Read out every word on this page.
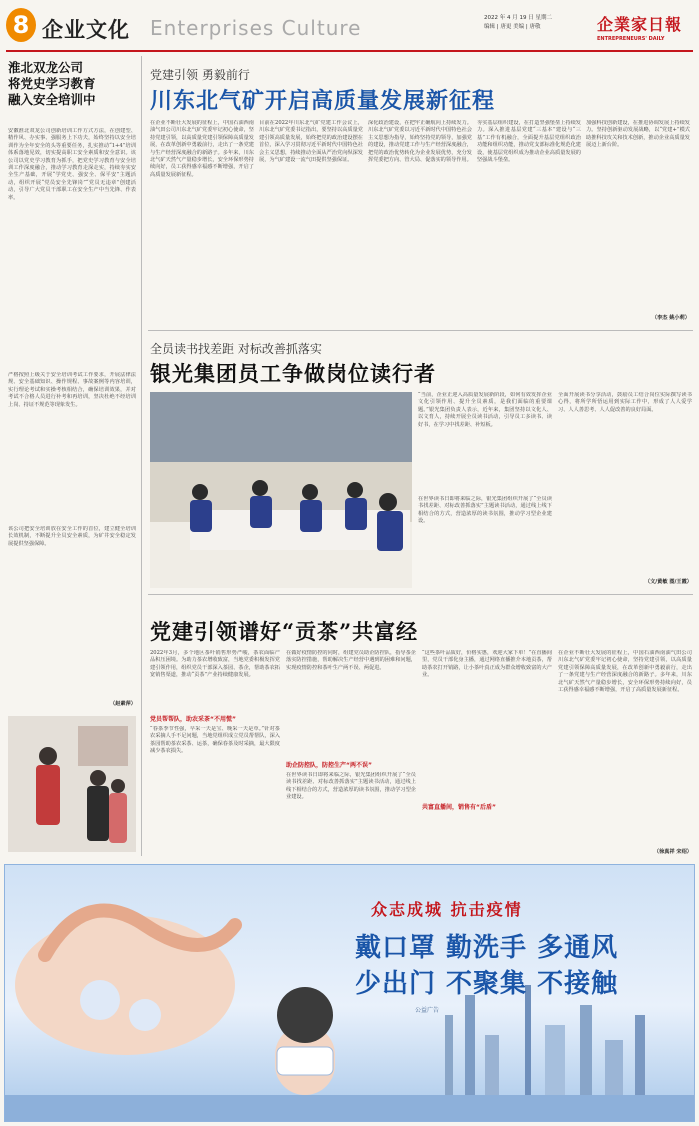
8 企业文化 Enterprises Culture	2022 年 4 月 19 日 星期二
编辑 | 唐更 美编 | 唐敬	企業家日報
ENTREPRENEURS' DAILY
淮北双龙公司
将党史学习教育
融入安全培训中
安徽淮北双龙公司创新培训工作方式方法，在创建型、精作风、办实事、强服务上下功夫，始终坚持以安全培训作为全年安全的头等重要任务，扎实推动“1+4”培训体系落地见效，切实提高职工安全素质和安全意识。该公司以党史学习教育为抓手，把党史学习教育与安全培训工作深度融合，推动学习教育走深走实，持续夯实安全生产基础，开展“学党史、强安全、保平安”主题活动，组织开展“党员安全先锋岗”“党员无违章”创建活动，引导广大党员干部职工在安全生产中当先锋、作表率。
严格按照上级关于安全培训考试工作要求，开展法律法规、安全基础知识、操作规程、事故案例等内容培训，实行理论考试和实操考核相结合，确保培训效果，并对考试不合格人员进行补考和再培训，坚决杜绝不经培训上岗、持证不规范等现象发生。
该公司把安全培训放在安全工作的首位，建立健全培训长效机制，不断提升全员安全素质，为矿井安全稳定发展提供坚强保障。
（赵素萍）
党建引领 勇毅前行
川东北气矿开启高质量发展新征程
在企业不断壮大发展的征程上，中国石油西南油气田公司川东北气矿党委牢记初心使命，坚持党建引领，以高质量党建引领保障高质量发展，在改革创新中勇毅前行，走出了一条党建与生产经营深度融合的新路子。多年来，川东北气矿天然气产量稳步增长，安全环保形势持续向好，员工获得感幸福感不断增强，开启了高质量发展新征程。
目前在2022年川东北气矿党建工作会议上，川东北气矿党委书记指出，要坚持以高质量党建引领高质量发展，始终把党的政治建设摆在首位，深入学习贯彻习近平新时代中国特色社会主义思想，持续推动全面从严治党向纵深发展，为气矿建设一流气田提供坚强保证。
深化政治建设，在把牢正确航向上持续发力。川东北气矿党委以习近平新时代中国特色社会主义思想为指导，始终坚持党的领导，加强党的建设，推动党建工作与生产经营深度融合，把党的政治优势转化为企业发展优势，充分发挥党委把方向、管大局、促落实的领导作用。
夯实基层组织建设，在打造坚强堡垒上持续发力。深入推进基层党建“三基本”建设与“三基”工作有机融合，全面提升基层党组织政治功能和组织功能，推动党支部标准化规范化建设，使基层党组织成为推动企业高质量发展的坚强战斗堡垒。
加强科技创新建设，在推进协调发展上持续发力。坚持创新驱动发展战略，以“党建+”模式助推科技攻关和技术创新，推动企业高质量发展迈上新台阶。
（李杰 姚小莉）
全员读书找差距 对标改善抓落实
银光集团员工争做岗位读行者
“当前，企业正迎入高质量发展新阶段，如何有效发挥企业文化引领作用、提升全员素质，是我们面临的重要课题。”银光集团负责人表示，近年来，集团坚持以文化人、以文育人，持续开展全员读书活动，引导员工多读书、读好书，在学习中找差距、补短板。
在世界读书日即将来临之际，银光集团组织开展了“全员读书找差距、对标改善抓落实”主题读书活动，通过线上线下相结合的方式，营造浓厚的读书氛围，推动学习型企业建设。
全面开展读书分享活动，鼓励员工结合岗位实际撰写读书心得，将所学所悟运用到实际工作中，形成了人人爱学习、人人善思考、人人促改善的良好局面。
（文/黄敏 图/王霞）
党建引领谱好“贡茶”共富经
2022年3月，多个地区茶叶销售形势严峻，茶农面临产品积压困境。为助力茶农增收致富，当地党委积极发挥党建引领作用，组织党员干部深入茶园、茶企，帮助茶农拓宽销售渠道，推动“贡茶”产业持续健康发展。
党员帮帮队，助农采茶“不用慌”
“春茶季节性强，早采一天是宝、晚采一天是草。”针对茶农采摘人手不足问题，当地党组织成立党员帮帮队，深入茶园帮助茶农采茶、运茶，确保春茶及时采摘，最大限度减少茶农损失。
助企防控队，防控生产“两不误”
在做好疫情防控的同时，组建党员助企防控队，指导茶企落实防控措施，帮助解决生产经营中遇到的困难和问题，实现疫情防控和茶叶生产两不误、两促进。
在世界读书日即将来临之际，银光集团组织开展了“全员读书找差距、对标改善抓落实”主题读书活动，通过线上线下相结合的方式，营造浓厚的读书氛围，推动学习型企业建设。
共富直播间，销售有“后盾”
“这些茶叶品质好，价格实惠，欢迎大家下单！”在直播间里，党员干部化身主播，通过网络直播推介本地贡茶，帮助茶农打开销路，让小茶叶真正成为群众增收致富的大产业。
在企业不断壮大发展的征程上，中国石油西南油气田公司川东北气矿党委牢记初心使命，坚持党建引领，以高质量党建引领保障高质量发展，在改革创新中勇毅前行，走出了一条党建与生产经营深度融合的新路子。多年来，川东北气矿天然气产量稳步增长，安全环保形势持续向好，员工获得感幸福感不断增强，开启了高质量发展新征程。
（徐真祥 宋绍）
众志成城 抗击疫情
戴口罩 勤洗手 多通风
少出门 不聚集 不接触
公益广告
